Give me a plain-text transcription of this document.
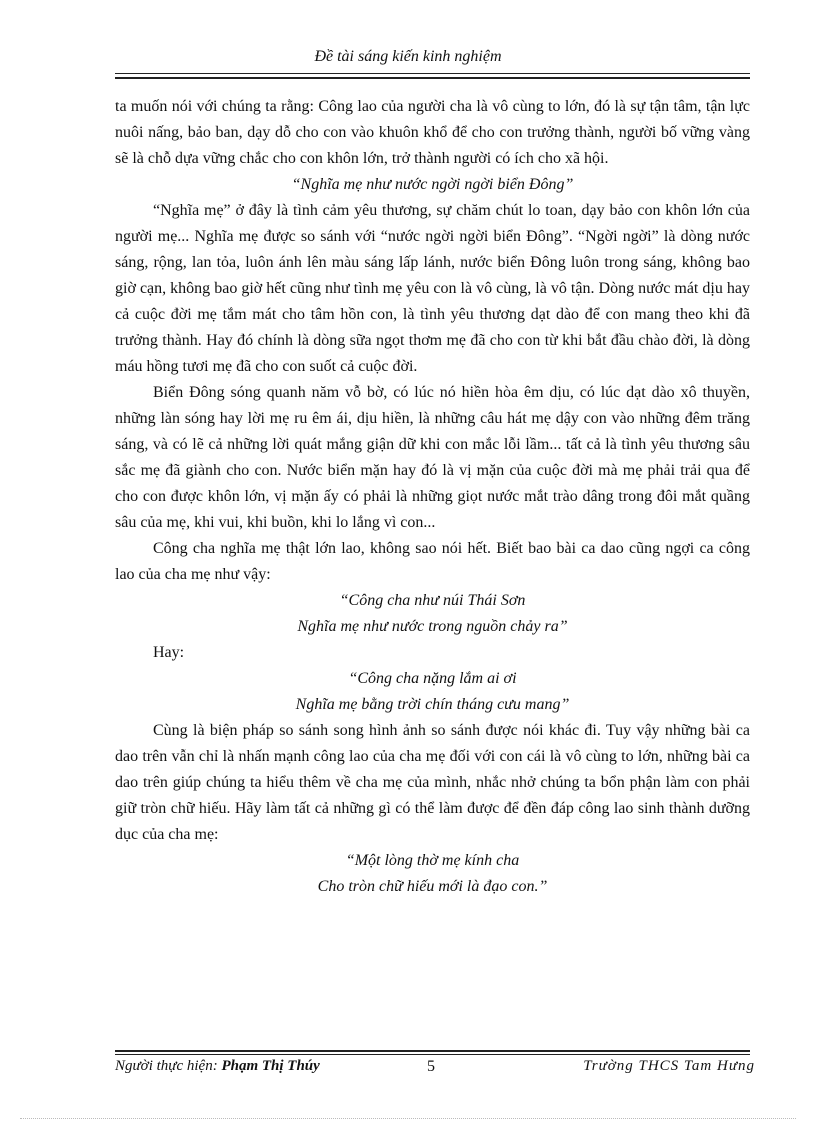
Đề tài sáng kiến kinh nghiệm

ta muốn nói với chúng ta rằng: Công lao của người cha là vô cùng to lớn, đó là sự tận tâm, tận lực nuôi nấng, bảo ban, dạy dỗ cho con vào khuôn khổ để cho con trưởng thành, người bố vững vàng sẽ là chỗ dựa vững chắc cho con khôn lớn, trở thành người có ích cho xã hội.

“Nghĩa mẹ như nước ngời ngời biển Đông”

“Nghĩa mẹ” ở đây là tình cảm yêu thương, sự chăm chút lo toan, dạy bảo con khôn lớn của người mẹ... Nghĩa mẹ được so sánh với “nước ngời ngời biển Đông”. “Ngời ngời” là dòng nước sáng, rộng, lan tỏa, luôn ánh lên màu sáng lấp lánh, nước biển Đông luôn trong sáng, không bao giờ cạn, không bao giờ hết cũng như tình mẹ yêu con là vô cùng, là vô tận. Dòng nước mát dịu hay cả cuộc đời mẹ tắm mát cho tâm hồn con, là tình yêu thương dạt dào để con mang theo khi đã trưởng thành. Hay đó chính là dòng sữa ngọt thơm mẹ đã cho con từ khi bắt đầu chào đời, là dòng máu hồng tươi mẹ đã cho con suốt cả cuộc đời.

Biển Đông sóng quanh năm vỗ bờ, có lúc nó hiền hòa êm dịu, có lúc dạt dào xô thuyền, những làn sóng hay lời mẹ ru êm ái, dịu hiền, là những câu hát mẹ dậy con vào những đêm trăng sáng, và có lẽ cả những lời quát mắng giận dữ khi con mắc lỗi lầm... tất cả là tình yêu thương sâu sắc mẹ đã giành cho con. Nước biển mặn hay đó là vị mặn của cuộc đời mà mẹ phải trải qua để cho con được khôn lớn, vị mặn ấy có phải là những giọt nước mắt trào dâng trong đôi mắt quầng sâu của mẹ, khi vui, khi buồn, khi lo lắng vì con...

Công cha nghĩa mẹ thật lớn lao, không sao nói hết. Biết bao bài ca dao cũng ngợi ca công lao của cha mẹ như vậy:

“Công cha như núi Thái Sơn

Nghĩa mẹ như nước trong nguồn chảy ra”

Hay:

“Công cha nặng lắm ai ơi

Nghĩa mẹ bằng trời chín tháng cưu mang”

Cùng là biện pháp so sánh song hình ảnh so sánh được nói khác đi. Tuy vậy những bài ca dao trên vẫn chỉ là nhấn mạnh công lao của cha mẹ đối với con cái là vô cùng to lớn, những bài ca dao trên giúp chúng ta hiểu thêm về cha mẹ của mình, nhắc nhở chúng ta bổn phận làm con phải giữ tròn chữ hiếu. Hãy làm tất cả những gì có thể làm được để đền đáp công lao sinh thành dưỡng dục của cha mẹ:

“Một lòng thờ mẹ kính cha

Cho tròn chữ hiếu mới là đạo con.”

Người thực hiện: Phạm Thị Thúy	5	Trường THCS Tam Hưng
